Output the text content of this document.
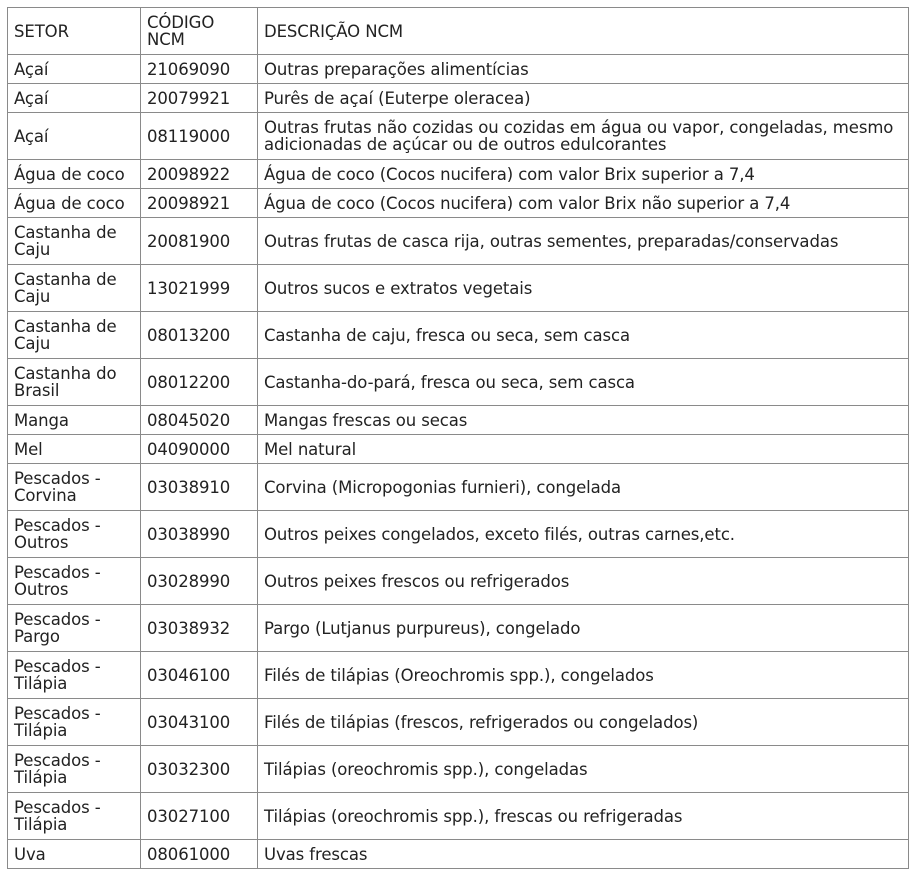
SETOR	CÓDIGO NCM	DESCRIÇÃO NCM
Açaí	21069090	Outras preparações alimentícias
Açaí	20079921	Purês de açaí (Euterpe oleracea)
Açaí	08119000	Outras frutas não cozidas ou cozidas em água ou vapor, congeladas, mesmo adicionadas de açúcar ou de outros edulcorantes
Água de coco	20098922	Água de coco (Cocos nucifera) com valor Brix superior a 7,4
Água de coco	20098921	Água de coco (Cocos nucifera) com valor Brix não superior a 7,4
Castanha de Caju	20081900	Outras frutas de casca rija, outras sementes, preparadas/conservadas
Castanha de Caju	13021999	Outros sucos e extratos vegetais
Castanha de Caju	08013200	Castanha de caju, fresca ou seca, sem casca
Castanha do Brasil	08012200	Castanha-do-pará, fresca ou seca, sem casca
Manga	08045020	Mangas frescas ou secas
Mel	04090000	Mel natural
Pescados - Corvina	03038910	Corvina (Micropogonias furnieri), congelada
Pescados - Outros	03038990	Outros peixes congelados, exceto filés, outras carnes,etc.
Pescados - Outros	03028990	Outros peixes frescos ou refrigerados
Pescados - Pargo	03038932	Pargo (Lutjanus purpureus), congelado
Pescados - Tilápia	03046100	Filés de tilápias (Oreochromis spp.), congelados
Pescados - Tilápia	03043100	Filés de tilápias (frescos, refrigerados ou congelados)
Pescados - Tilápia	03032300	Tilápias (oreochromis spp.), congeladas
Pescados - Tilápia	03027100	Tilápias (oreochromis spp.), frescas ou refrigeradas
Uva	08061000	Uvas frescas
